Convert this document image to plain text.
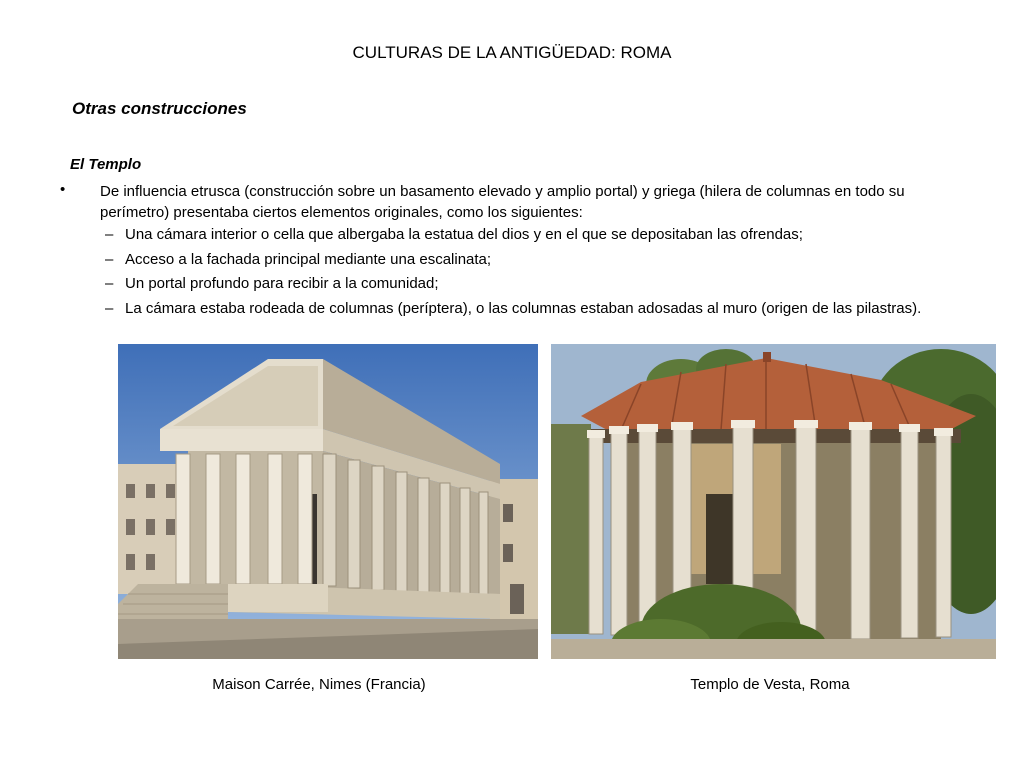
CULTURAS DE LA ANTIGÜEDAD: ROMA
Otras construcciones
El Templo
• De influencia etrusca (construcción sobre un basamento elevado y amplio portal) y griega (hilera de columnas en todo su perímetro) presentaba ciertos elementos originales, como los siguientes:
– Una cámara interior o cella que albergaba la estatua del dios y en el que se depositaban las ofrendas;
– Acceso a la fachada principal mediante una escalinata;
– Un portal profundo para recibir a la comunidad;
– La cámara estaba rodeada de columnas (períptera), o las columnas estaban adosadas al muro (origen de las pilastras).
Maison Carrée, Nimes (Francia)	Templo de Vesta, Roma
